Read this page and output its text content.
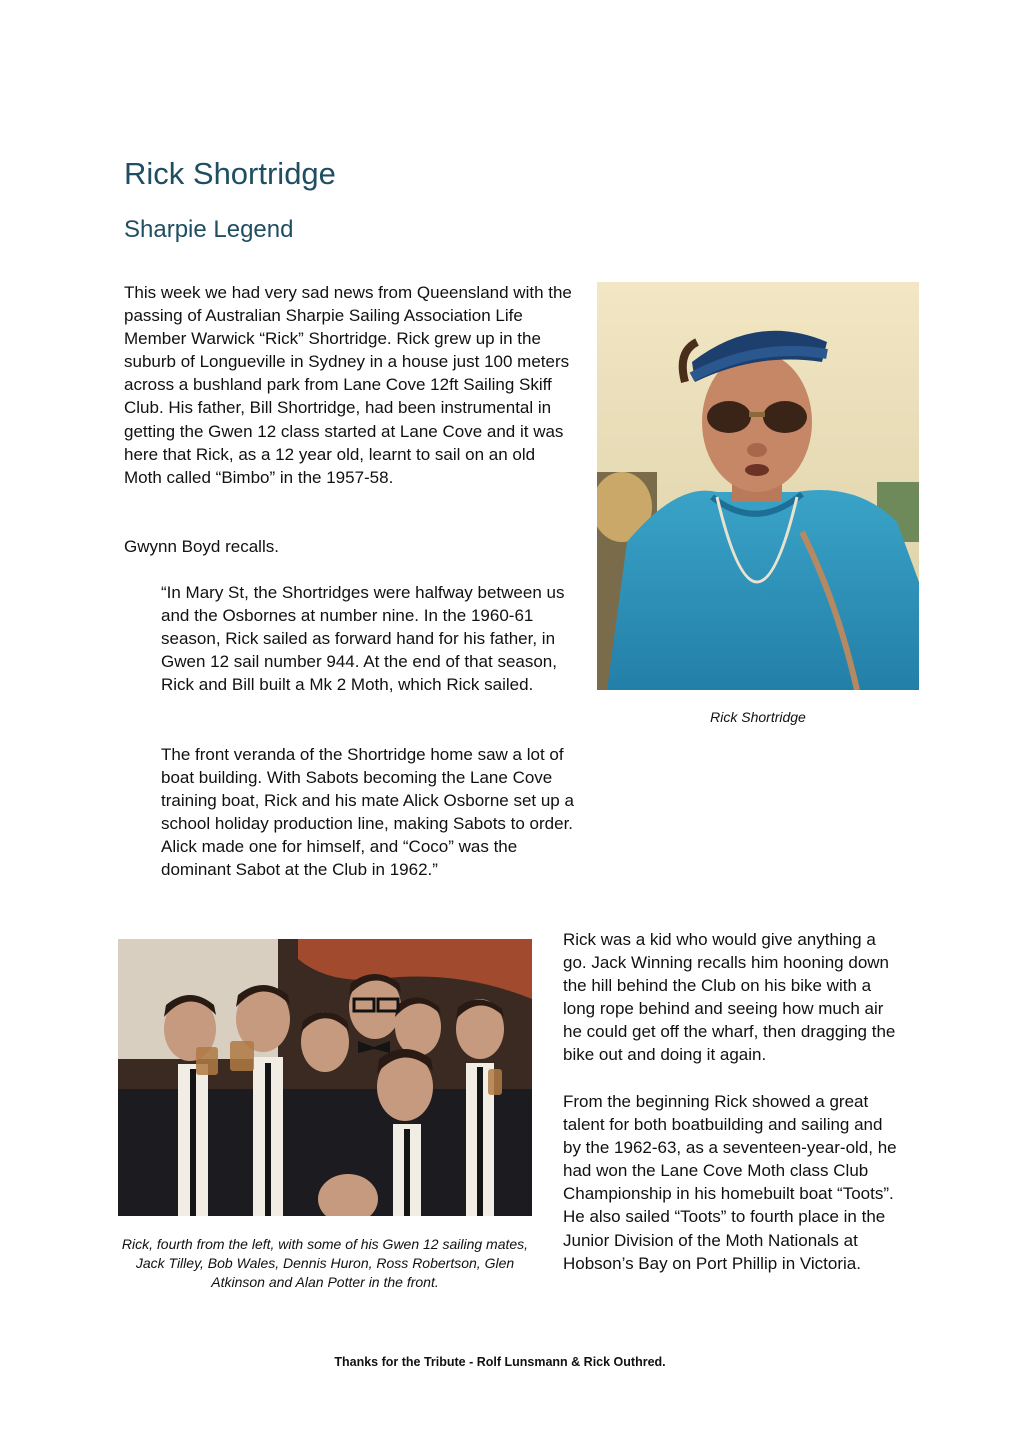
Rick Shortridge
Sharpie Legend

This week we had very sad news from Queensland with the passing of Australian Sharpie Sailing Association Life Member Warwick “Rick” Shortridge. Rick grew up in the suburb of Longueville in Sydney in a house just 100 meters across a bushland park from Lane Cove 12ft Sailing Skiff Club. His father, Bill Shortridge, had been instrumental in getting the Gwen 12 class started at Lane Cove and it was here that Rick, as a 12 year old, learnt to sail on an old Moth called “Bimbo” in the 1957-58.

Gwynn Boyd recalls.

“In Mary St, the Shortridges were halfway between us and the Osbornes at number nine. In the 1960-61 season, Rick sailed as forward hand for his father, in Gwen 12 sail number 944. At the end of that season, Rick and Bill built a Mk 2 Moth, which Rick sailed.

The front veranda of the Shortridge home saw a lot of boat building. With Sabots becoming the Lane Cove training boat, Rick and his mate Alick Osborne set up a school holiday production line, making Sabots to order. Alick made one for himself, and “Coco” was the dominant Sabot at the Club in 1962.”

Rick Shortridge
Rick, fourth from the left, with some of his Gwen 12 sailing mates, Jack Tilley, Bob Wales, Dennis Huron, Ross Robertson, Glen Atkinson and Alan Potter in the front.

Rick was a kid who would give anything a go. Jack Winning recalls him hooning down the hill behind the Club on his bike with a long rope behind and seeing how much air he could get off the wharf, then dragging the bike out and doing it again.

From the beginning Rick showed a great talent for both boatbuilding and sailing and by the 1962-63, as a seventeen-year-old, he had won the Lane Cove Moth class Club Championship in his homebuilt boat “Toots”. He also sailed “Toots” to fourth place in the Junior Division of the Moth Nationals at Hobson’s Bay on Port Phillip in Victoria.

Thanks for the Tribute - Rolf Lunsmann & Rick Outhred.
